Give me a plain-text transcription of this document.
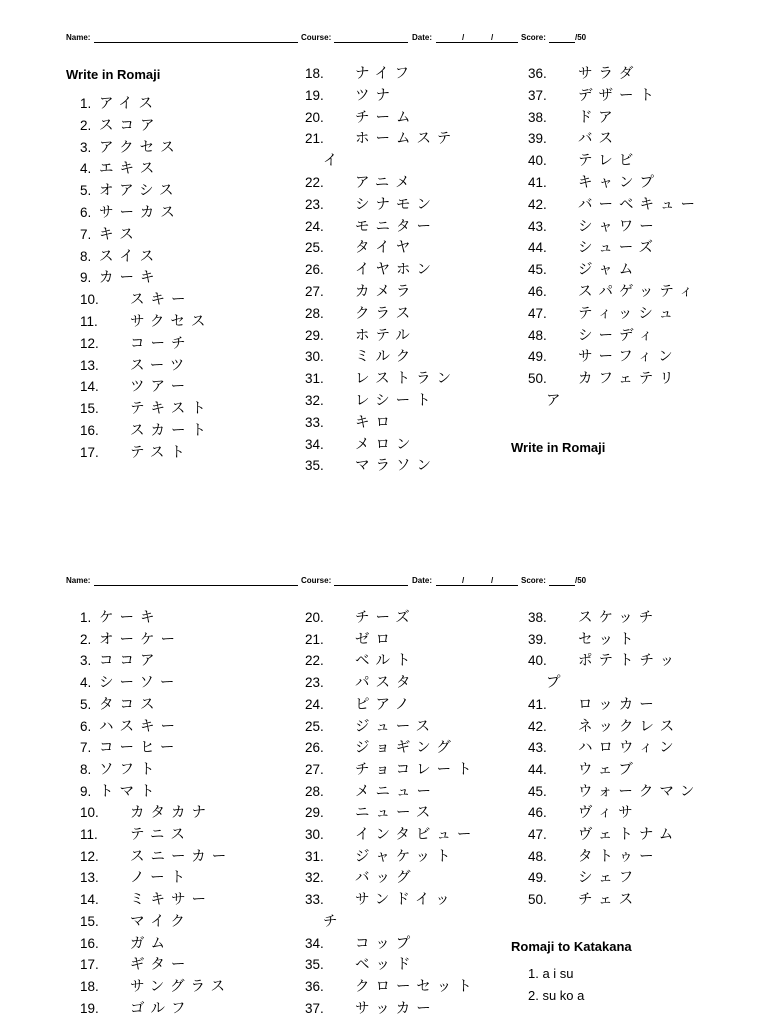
Name:	Course:	Date:	/	/	Score:	/50
Write in Romaji
1. アイス
2. スコア
3. アクセス
4. エキス
5. オアシス
6. サーカス
7. キス
8. スイス
9. カーキ
10. スキー
11. サクセス
12. コーチ
13. スーツ
14. ツアー
15. テキスト
16. スカート
17. テスト
18. ナイフ
19. ツナ
20. チーム
21. ホームステ
イ
22. アニメ
23. シナモン
24. モニター
25. タイヤ
26. イヤホン
27. カメラ
28. クラス
29. ホテル
30. ミルク
31. レストラン
32. レシート
33. キロ
34. メロン
35. マラソン
36. サラダ
37. デザート
38. ドア
39. バス
40. テレビ
41. キャンプ
42. バーベキュー
43. シャワー
44. シューズ
45. ジャム
46. スパゲッティ
47. ティッシュ
48. シーディ
49. サーフィン
50. カフェテリ
ア
Write in Romaji
Name:	Course:	Date:	/	/	Score:	/50
1. ケーキ
2. オーケー
3. ココア
4. シーソー
5. タコス
6. ハスキー
7. コーヒー
8. ソフト
9. トマト
10. カタカナ
11. テニス
12. スニーカー
13. ノート
14. ミキサー
15. マイク
16. ガム
17. ギター
18. サングラス
19. ゴルフ
20. チーズ
21. ゼロ
22. ベルト
23. パスタ
24. ピアノ
25. ジュース
26. ジョギング
27. チョコレート
28. メニュー
29. ニュース
30. インタビュー
31. ジャケット
32. バッグ
33. サンドイッ
チ
34. コップ
35. ベッド
36. クローセット
37. サッカー
38. スケッチ
39. セット
40. ポテトチッ
プ
41. ロッカー
42. ネックレス
43. ハロウィン
44. ウェブ
45. ウォークマン
46. ヴィサ
47. ヴェトナム
48. タトゥー
49. シェフ
50. チェス
Romaji to Katakana
1. a i su
2. su ko a
